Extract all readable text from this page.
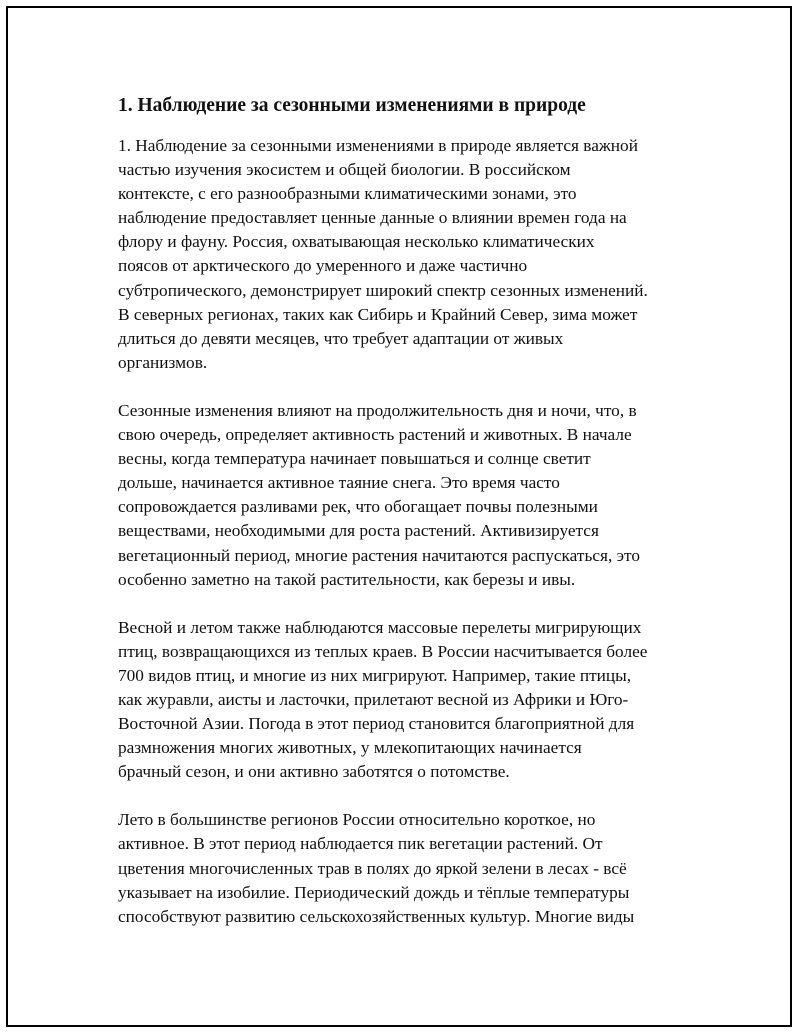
1. Наблюдение за сезонными изменениями в природе

1. Наблюдение за сезонными изменениями в природе является важной
частью изучения экосистем и общей биологии. В российском
контексте, с его разнообразными климатическими зонами, это
наблюдение предоставляет ценные данные о влиянии времен года на
флору и фауну. Россия, охватывающая несколько климатических
поясов от арктического до умеренного и даже частично
субтропического, демонстрирует широкий спектр сезонных изменений.
В северных регионах, таких как Сибирь и Крайний Север, зима может
длиться до девяти месяцев, что требует адаптации от живых
организмов.

Сезонные изменения влияют на продолжительность дня и ночи, что, в
свою очередь, определяет активность растений и животных. В начале
весны, когда температура начинает повышаться и солнце светит
дольше, начинается активное таяние снега. Это время часто
сопровождается разливами рек, что обогащает почвы полезными
веществами, необходимыми для роста растений. Активизируется
вегетационный период, многие растения начитаются распускаться, это
особенно заметно на такой растительности, как березы и ивы.

Весной и летом также наблюдаются массовые перелеты мигрирующих
птиц, возвращающихся из теплых краев. В России насчитывается более
700 видов птиц, и многие из них мигрируют. Например, такие птицы,
как журавли, аисты и ласточки, прилетают весной из Африки и Юго-
Восточной Азии. Погода в этот период становится благоприятной для
размножения многих животных, у млекопитающих начинается
брачный сезон, и они активно заботятся о потомстве.

Лето в большинстве регионов России относительно короткое, но
активное. В этот период наблюдается пик вегетации растений. От
цветения многочисленных трав в полях до яркой зелени в лесах - всё
указывает на изобилие. Периодический дождь и тёплые температуры
способствуют развитию сельскохозяйственных культур. Многие виды
